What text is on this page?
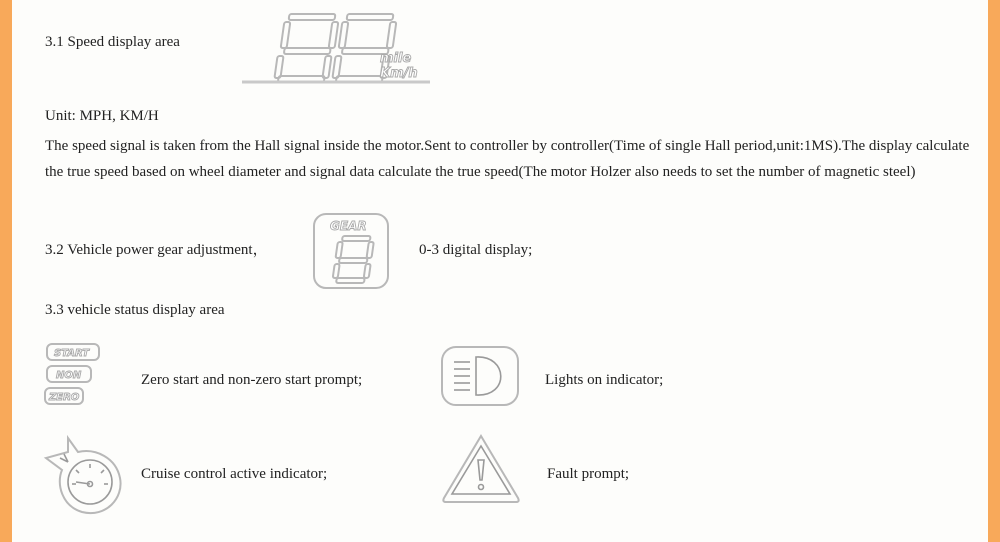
3.1 Speed display area
mile
Km/h
Unit: MPH, KM/H
The speed signal is taken from the Hall signal inside the motor.Sent to controller by controller(Time of single Hall period,unit:1MS).The display calculate the true speed based on wheel diameter and signal data calculate the true speed(The motor Holzer also needs to set the number of magnetic steel)
3.2 Vehicle power gear adjustment，
GEAR
0-3 digital display;
3.3 vehicle status display area
START
NON
ZERO
Zero start and non-zero start prompt;	Lights on indicator;
Cruise control active indicator;	Fault prompt;
